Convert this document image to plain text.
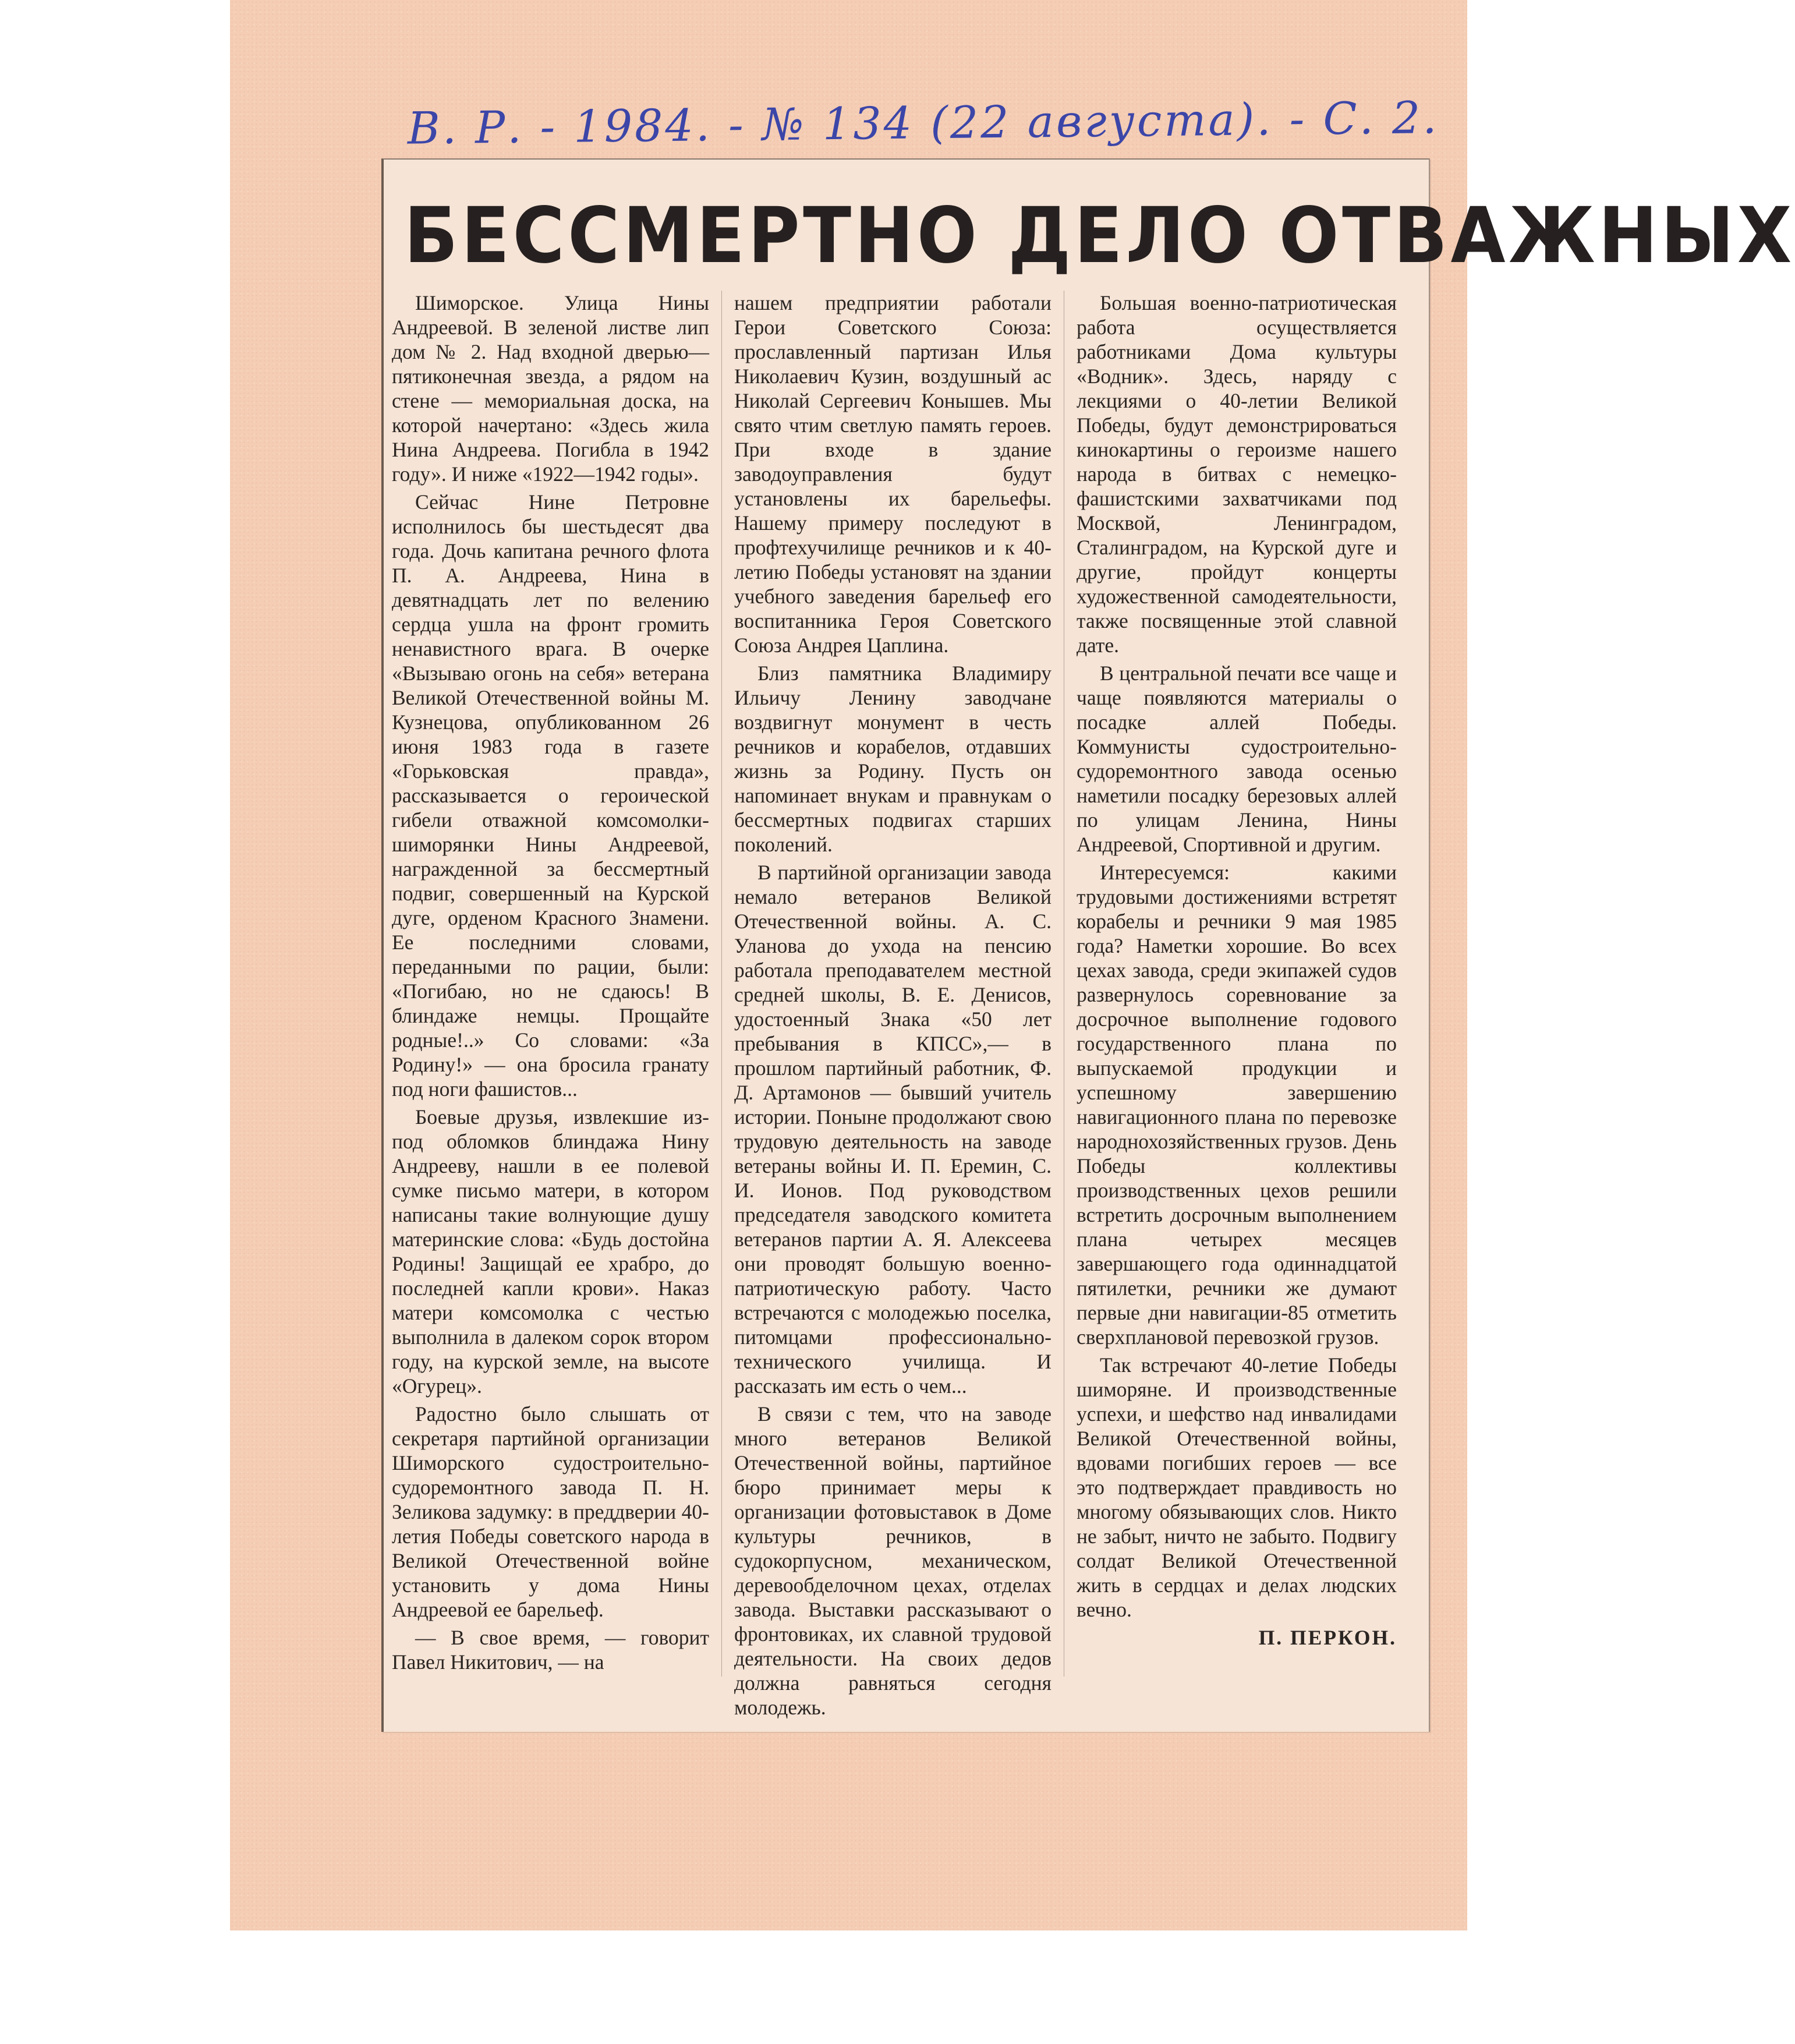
В. Р. - 1984. - № 134 (22 августа). - С. 2.
БЕССМЕРТНО ДЕЛО ОТВАЖНЫХ

Шиморское. Улица Нины Андреевой. В зеленой листве лип дом № 2. Над входной дверью—пятиконечная звезда, а рядом на стене — мемориальная доска, на которой начертано: «Здесь жила Нина Андреева. Погибла в 1942 году». И ниже «1922—1942 годы».

Сейчас Нине Петровне исполнилось бы шестьдесят два года. Дочь капитана речного флота П. А. Андреева, Нина в девятнадцать лет по велению сердца ушла на фронт громить ненавистного врага. В очерке «Вызываю огонь на себя» ветерана Великой Отечественной войны М. Кузнецова, опубликованном 26 июня 1983 года в газете «Горьковская правда», рассказывается о героической гибели отважной комсомолки-шиморянки Нины Андреевой, награжденной за бессмертный подвиг, совершенный на Курской дуге, орденом Красного Знамени. Ее последними словами, переданными по рации, были: «Погибаю, но не сдаюсь! В блиндаже немцы. Прощайте родные!..» Со словами: «За Родину!» — она бросила гранату под ноги фашистов...

Боевые друзья, извлекшие из-под обломков блиндажа Нину Андрееву, нашли в ее полевой сумке письмо матери, в котором написаны такие волнующие душу материнские слова: «Будь достойна Родины! Защищай ее храбро, до последней капли крови». Наказ матери комсомолка с честью выполнила в далеком сорок втором году, на курской земле, на высоте «Огурец».

Радостно было слышать от секретаря партийной организации Шиморского судостроительно-судоремонтного завода П. Н. Зеликова задумку: в преддверии 40-летия Победы советского народа в Великой Отечественной войне установить у дома Нины Андреевой ее барельеф.

— В свое время, — говорит Павел Никитович, — на

нашем предприятии работали Герои Советского Союза: прославленный партизан Илья Николаевич Кузин, воздушный ас Николай Сергеевич Конышев. Мы свято чтим светлую память героев. При входе в здание заводоуправления будут установлены их барельефы. Нашему примеру последуют в профтехучилище речников и к 40-летию Победы установят на здании учебного заведения барельеф его воспитанника Героя Советского Союза Андрея Цаплина.

Близ памятника Владимиру Ильичу Ленину заводчане воздвигнут монумент в честь речников и корабелов, отдавших жизнь за Родину. Пусть он напоминает внукам и правнукам о бессмертных подвигах старших поколений.

В партийной организации завода немало ветеранов Великой Отечественной войны. А. С. Уланова до ухода на пенсию работала преподавателем местной средней школы, В. Е. Денисов, удостоенный Знака «50 лет пребывания в КПСС»,— в прошлом партийный работник, Ф. Д. Артамонов — бывший учитель истории. Поныне продолжают свою трудовую деятельность на заводе ветераны войны И. П. Еремин, С. И. Ионов. Под руководством председателя заводского комитета ветеранов партии А. Я. Алексеева они проводят большую военно-патриотическую работу. Часто встречаются с молодежью поселка, питомцами профессионально-технического училища. И рассказать им есть о чем...

В связи с тем, что на заводе много ветеранов Великой Отечественной войны, партийное бюро принимает меры к организации фотовыставок в Доме культуры речников, в судокорпусном, механическом, деревообделочном цехах, отделах завода. Выставки рассказывают о фронтовиках, их славной трудовой деятельности. На своих дедов должна равняться сегодня молодежь.

Большая военно-патриотическая работа осуществляется работниками Дома культуры «Водник». Здесь, наряду с лекциями о 40-летии Великой Победы, будут демонстрироваться кинокартины о героизме нашего народа в битвах с немецко-фашистскими захватчиками под Москвой, Ленинградом, Сталинградом, на Курской дуге и другие, пройдут концерты художественной самодеятельности, также посвященные этой славной дате.

В центральной печати все чаще и чаще появляются материалы о посадке аллей Победы. Коммунисты судостроительно-судоремонтного завода осенью наметили посадку березовых аллей по улицам Ленина, Нины Андреевой, Спортивной и другим.

Интересуемся: какими трудовыми достижениями встретят корабелы и речники 9 мая 1985 года? Наметки хорошие. Во всех цехах завода, среди экипажей судов развернулось соревнование за досрочное выполнение годового государственного плана по выпускаемой продукции и успешному завершению навигационного плана по перевозке народнохозяйственных грузов. День Победы коллективы производственных цехов решили встретить досрочным выполнением плана четырех месяцев завершающего года одиннадцатой пятилетки, речники же думают первые дни навигации-85 отметить сверхплановой перевозкой грузов.

Так встречают 40-летие Победы шиморяне. И производственные успехи, и шефство над инвалидами Великой Отечественной войны, вдовами погибших героев — все это подтверждает правдивость но многому обязывающих слов. Никто не забыт, ничто не забыто. Подвигу солдат Великой Отечественной жить в сердцах и делах людских вечно.

П. ПЕРКОН.
